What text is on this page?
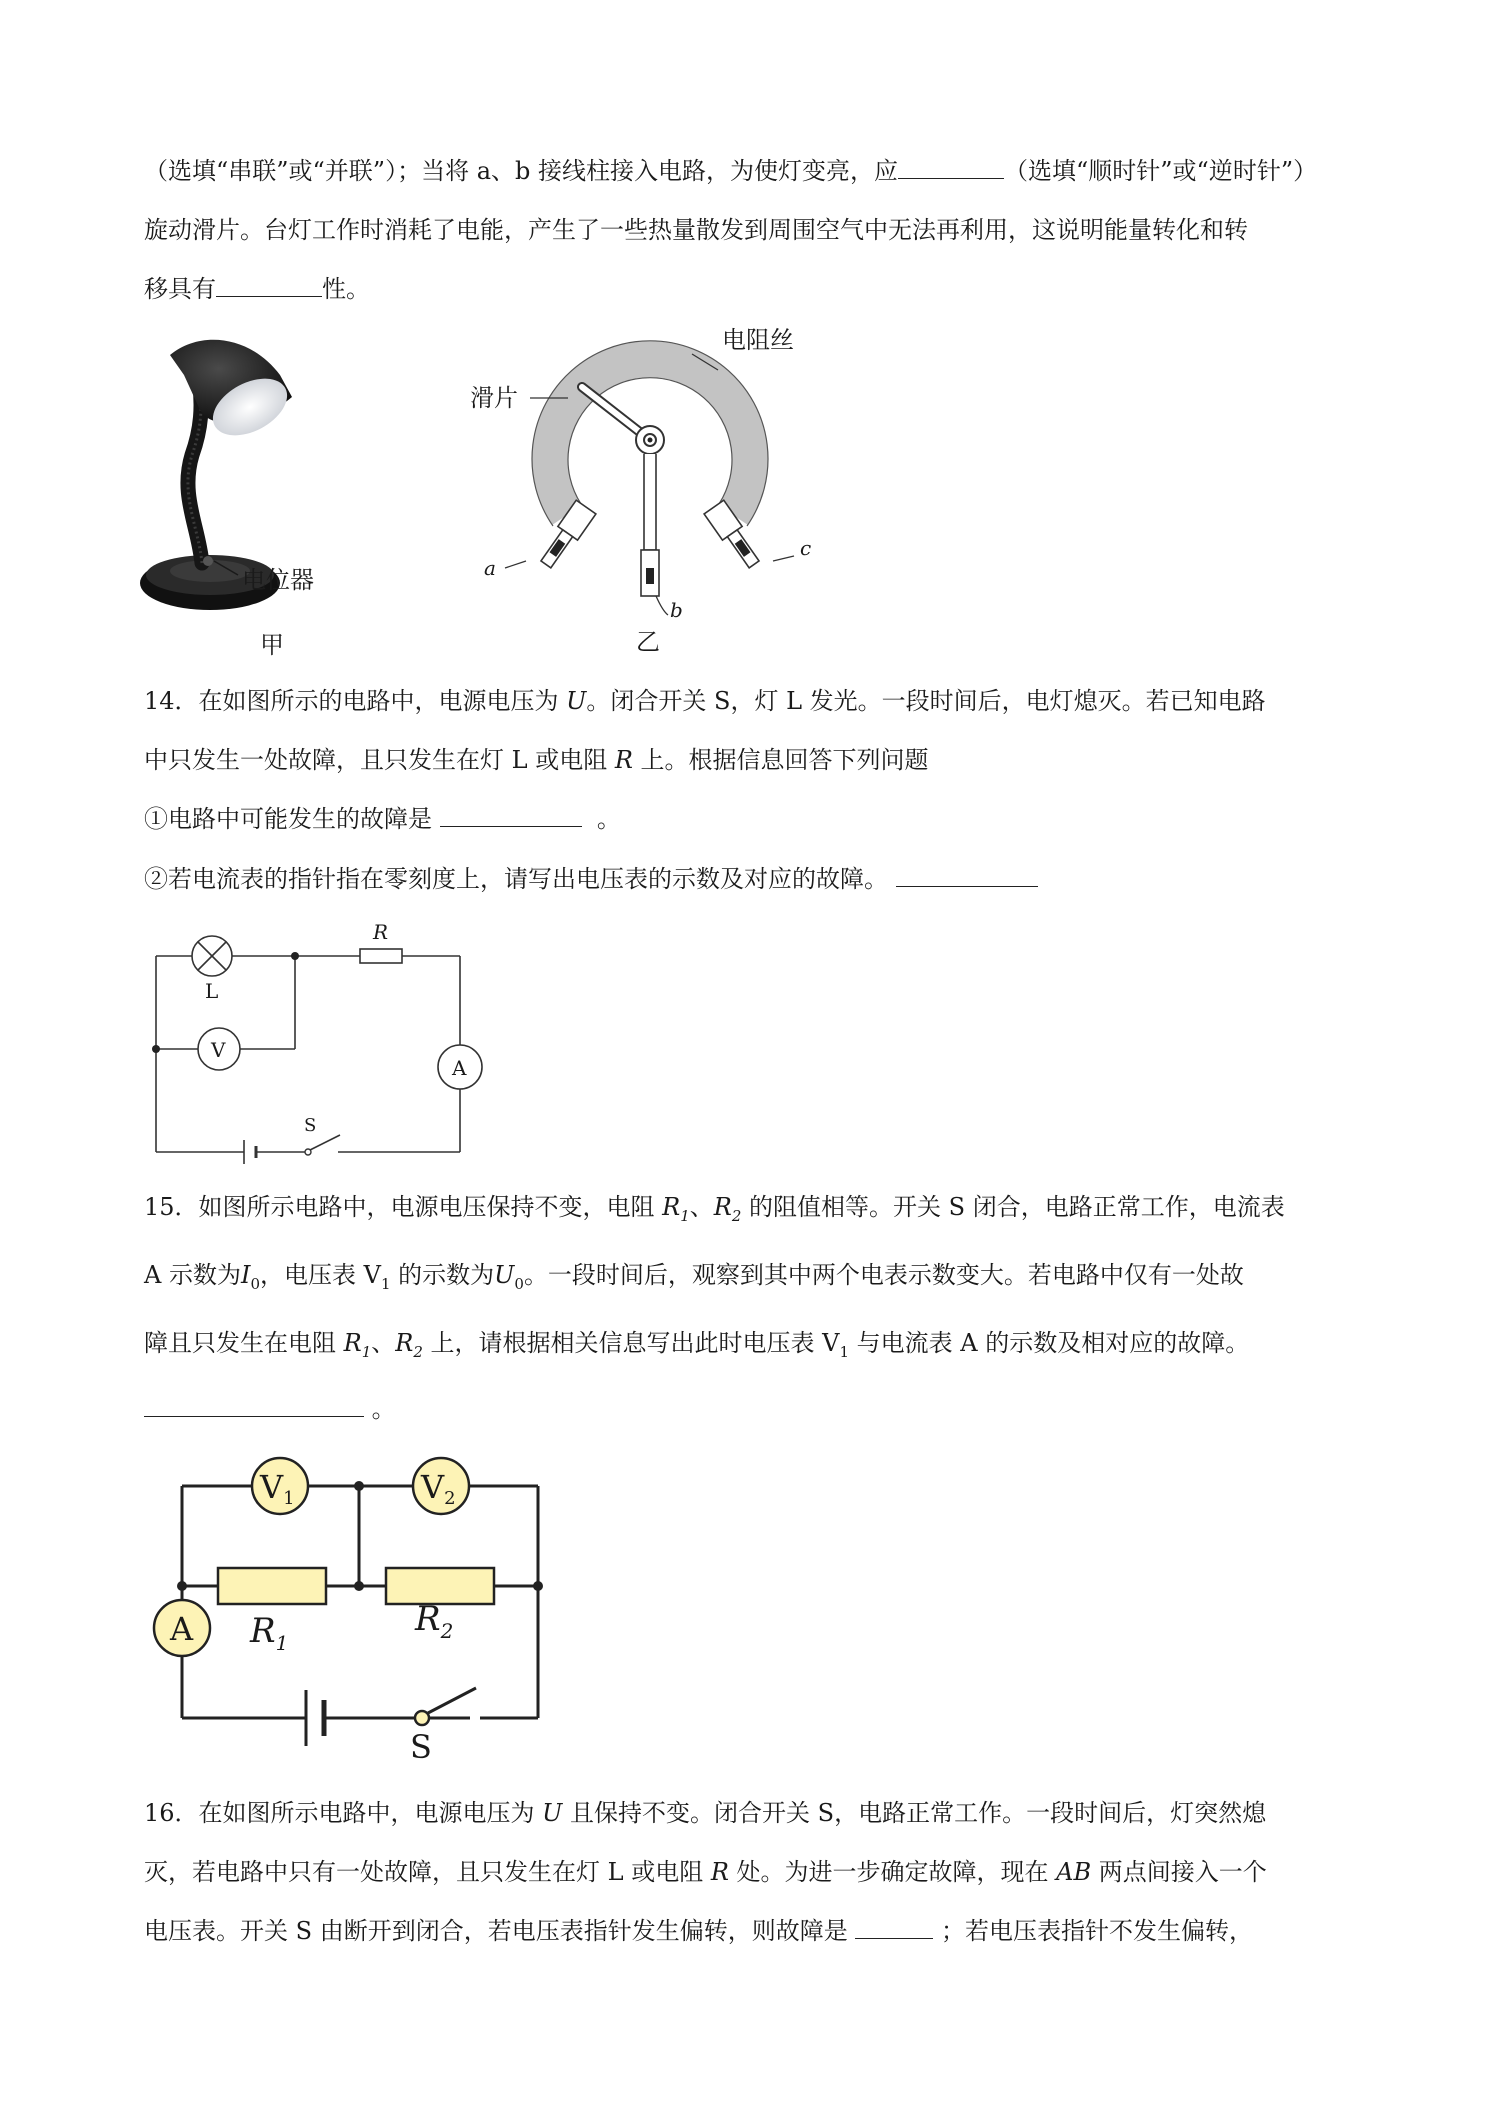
（选填“串联”或“并联”）；当将 a、b 接线柱接入电路，为使灯变亮，应	（选填“顺时针”或“逆时针”）
旋动滑片。台灯工作时消耗了电能，产生了一些热量散发到周围空气中无法再利用，这说明能量转化和转
移具有	性。
电位器
甲
电阻丝
滑片
a
b
c
乙
14．在如图所示的电路中，电源电压为 U。闭合开关 S，灯 L 发光。一段时间后，电灯熄灭。若已知电路
中只发生一处故障，且只发生在灯 L 或电阻 R 上。根据信息回答下列问题
①电路中可能发生的故障是	。
②若电流表的指针指在零刻度上，请写出电压表的示数及对应的故障。
L
R
V
A
S
15．如图所示电路中，电源电压保持不变，电阻 $R_1$、$R_2$ 的阻值相等。开关 S 闭合，电路正常工作，电流表
A 示数为$I_0$，电压表 $V_1$ 的示数为$U_0$。一段时间后，观察到其中两个电表示数变大。若电路中仅有一处故
障且只发生在电阻 $R_1$、$R_2$ 上，请根据相关信息写出此时电压表 $V_1$ 与电流表 A 的示数及相对应的故障。
。
V1	V2
$R_1$
$R_2$
A
S
16．在如图所示电路中，电源电压为 U 且保持不变。闭合开关 S，电路正常工作。一段时间后，灯突然熄
灭，若电路中只有一处故障，且只发生在灯 L 或电阻 R 处。为进一步确定故障，现在 AB 两点间接入一个
电压表。开关 S 由断开到闭合，若电压表指针发生偏转，则故障是	；若电压表指针不发生偏转，
